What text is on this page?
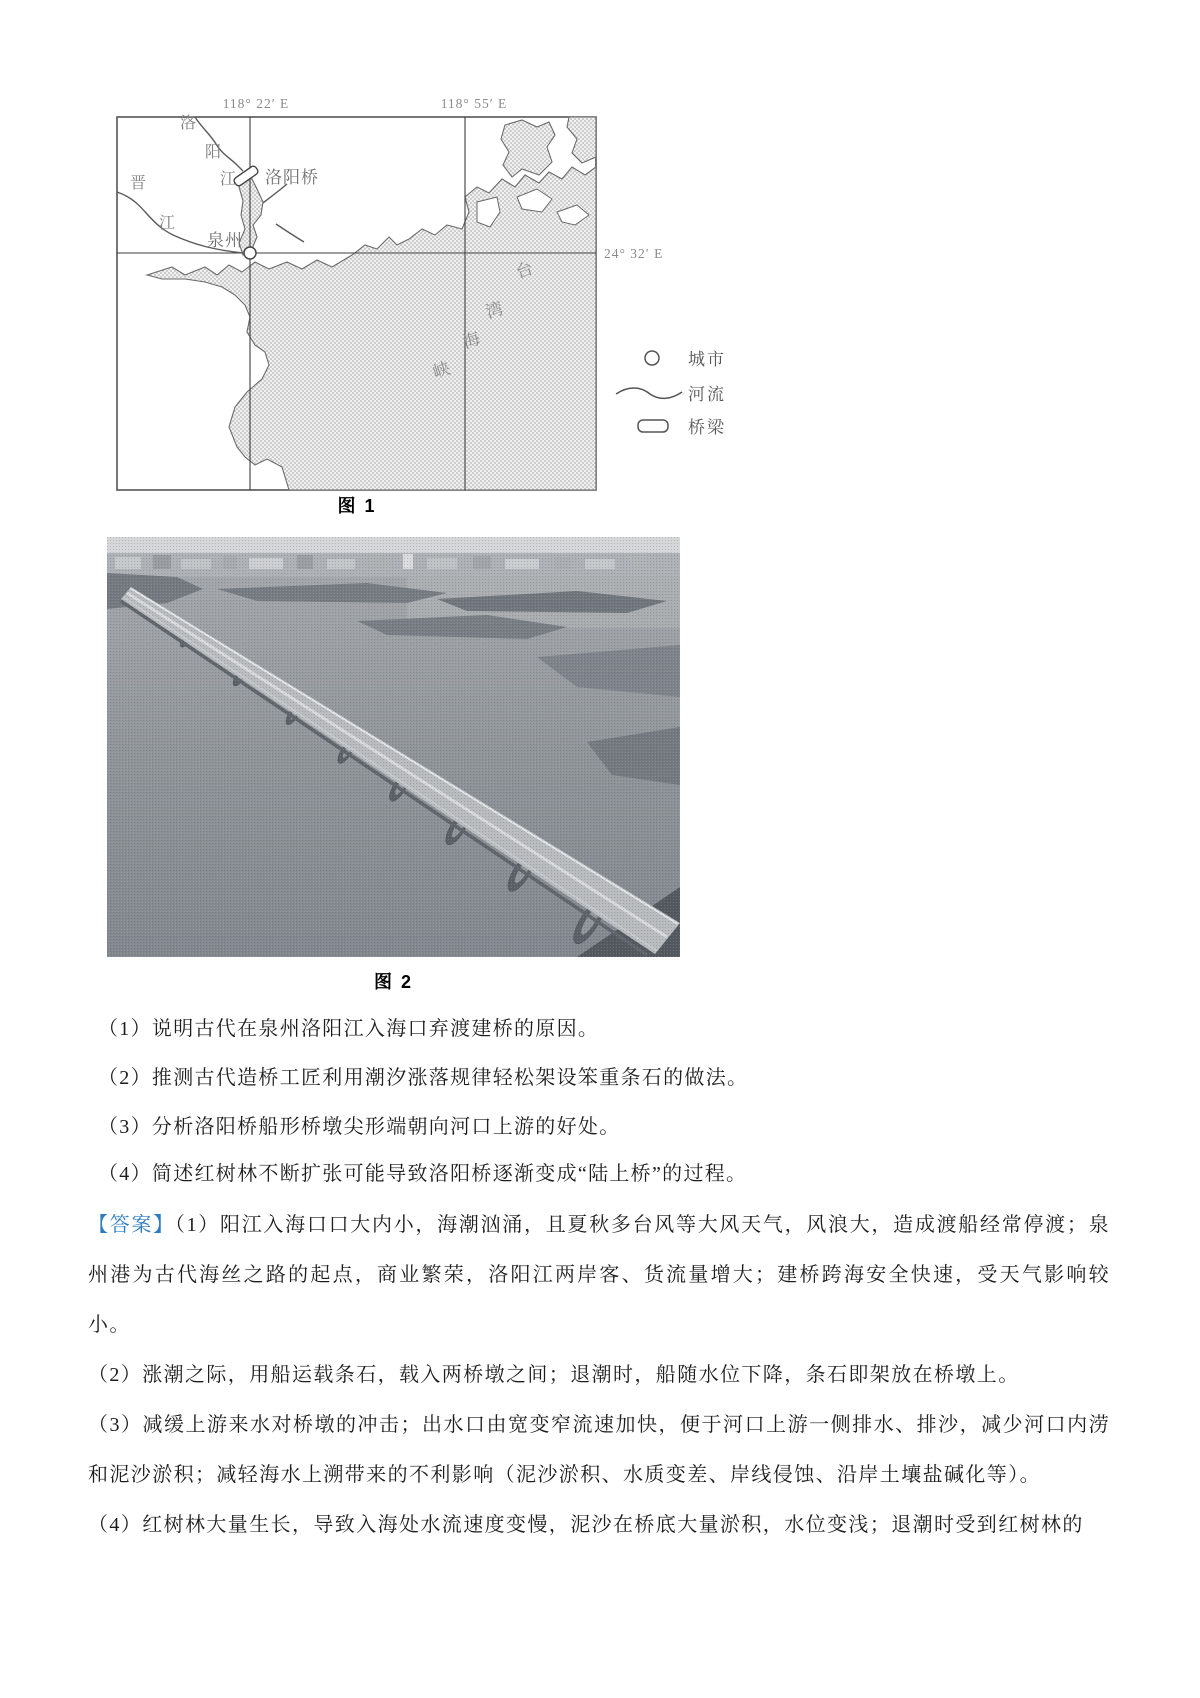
洛
阳
江
晋
江
洛阳桥
泉州
台
湾
海
峡
118° 22′ E	118° 55′ E
24° 32′ E
城市
河流
桥梁
图 1
图 2
（1）说明古代在泉州洛阳江入海口弃渡建桥的原因。
（2）推测古代造桥工匠利用潮汐涨落规律轻松架设笨重条石的做法。
（3）分析洛阳桥船形桥墩尖形端朝向河口上游的好处。
（4）简述红树林不断扩张可能导致洛阳桥逐渐变成“陆上桥”的过程。

【答案】（1）阳江入海口口大内小，海潮汹涌，且夏秋多台风等大风天气，风浪大，造成渡船经常停渡；泉州港为古代海丝之路的起点，商业繁荣，洛阳江两岸客、货流量增大；建桥跨海安全快速，受天气影响较小。

（2）涨潮之际，用船运载条石，载入两桥墩之间；退潮时，船随水位下降，条石即架放在桥墩上。

（3）减缓上游来水对桥墩的冲击；出水口由宽变窄流速加快，便于河口上游一侧排水、排沙，减少河口内涝和泥沙淤积；减轻海水上溯带来的不利影响（泥沙淤积、水质变差、岸线侵蚀、沿岸土壤盐碱化等）。

（4）红树林大量生长，导致入海处水流速度变慢，泥沙在桥底大量淤积，水位变浅；退潮时受到红树林的
